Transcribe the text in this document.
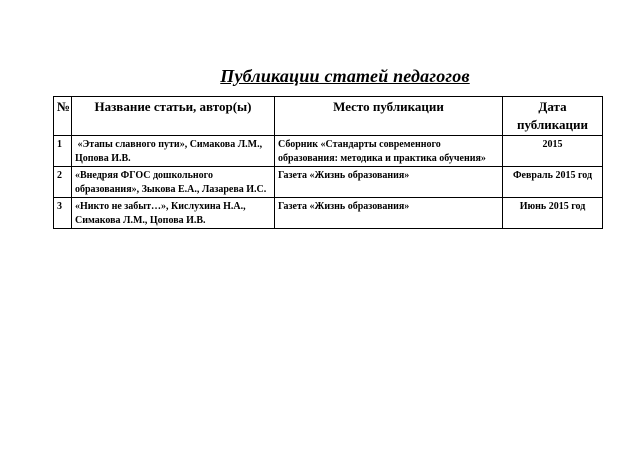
Публикации статей педагогов
№	Название статьи, автор(ы)	Место публикации	Дата публикации
1	«Этапы славного пути», Симакова Л.М., Цопова И.В.	Сборник «Стандарты современного образования: методика и практика обучения»	2015
2	«Внедряя ФГОС дошкольного образования», Зыкова Е.А., Лазарева И.С.	Газета «Жизнь образования»	Февраль 2015 год
3	«Никто не забыт…», Кислухина Н.А., Симакова Л.М., Цопова И.В.	Газета «Жизнь образования»	Июнь 2015 год
